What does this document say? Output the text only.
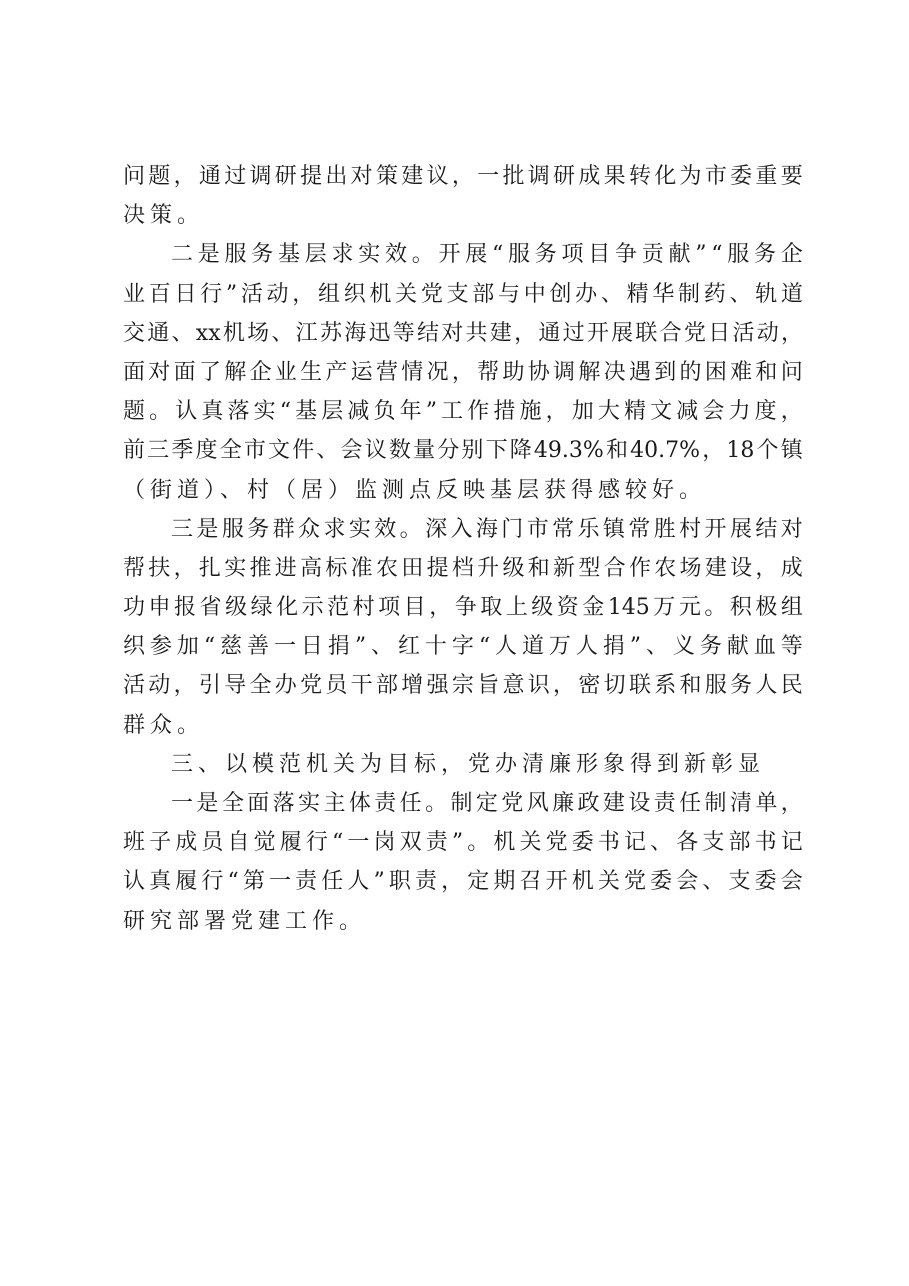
问 题 ， 通 过 调 研 提 出 对 策 建 议 ， 一 批 调 研 成 果 转 化 为 市 委 重 要
决策。
二 是 服 务 基 层 求 实 效 。 开 展 “ 服 务 项 目 争 贡 献 ” “ 服 务 企
业 百 日 行 ” 活 动 ， 组 织 机 关 党 支 部 与 中 创 办 、 精 华 制 药 、 轨 道
交 通 、 xx 机 场 、 江 苏 海 迅 等 结 对 共 建 ， 通 过 开 展 联 合 党 日 活 动 ，
面 对 面 了 解 企 业 生 产 运 营 情 况 ， 帮 助 协 调 解 决 遇 到 的 困 难 和 问
题 。 认 真 落 实 “ 基 层 减 负 年 ” 工 作 措 施 ， 加 大 精 文 减 会 力 度 ，
前 三 季 度 全 市 文 件 、 会 议 数 量 分 别 下 降 49.3% 和 40.7% ， 18 个 镇
（街道）、村（居）监测点反映基层获得感较好。
三 是 服 务 群 众 求 实 效 。 深 入 海 门 市 常 乐 镇 常 胜 村 开 展 结 对
帮 扶 ， 扎 实 推 进 高 标 准 农 田 提 档 升 级 和 新 型 合 作 农 场 建 设 ， 成
功 申 报 省 级 绿 化 示 范 村 项 目 ， 争 取 上 级 资 金 145 万 元 。 积 极 组
织 参 加 “ 慈 善 一 日 捐 ” 、 红 十 字 “ 人 道 万 人 捐 ” 、 义 务 献 血 等
活 动 ， 引 导 全 办 党 员 干 部 增 强 宗 旨 意 识 ， 密 切 联 系 和 服 务 人 民
群众。
三、以模范机关为目标，党办清廉形象得到新彰显
一 是 全 面 落 实 主 体 责 任 。 制 定 党 风 廉 政 建 设 责 任 制 清 单 ，
班 子 成 员 自 觉 履 行 “ 一 岗 双 责 ” 。 机 关 党 委 书 记 、 各 支 部 书 记
认 真 履 行 “ 第 一 责 任 人 ” 职 责 ， 定 期 召 开 机 关 党 委 会 、 支 委 会
研究部署党建工作。
